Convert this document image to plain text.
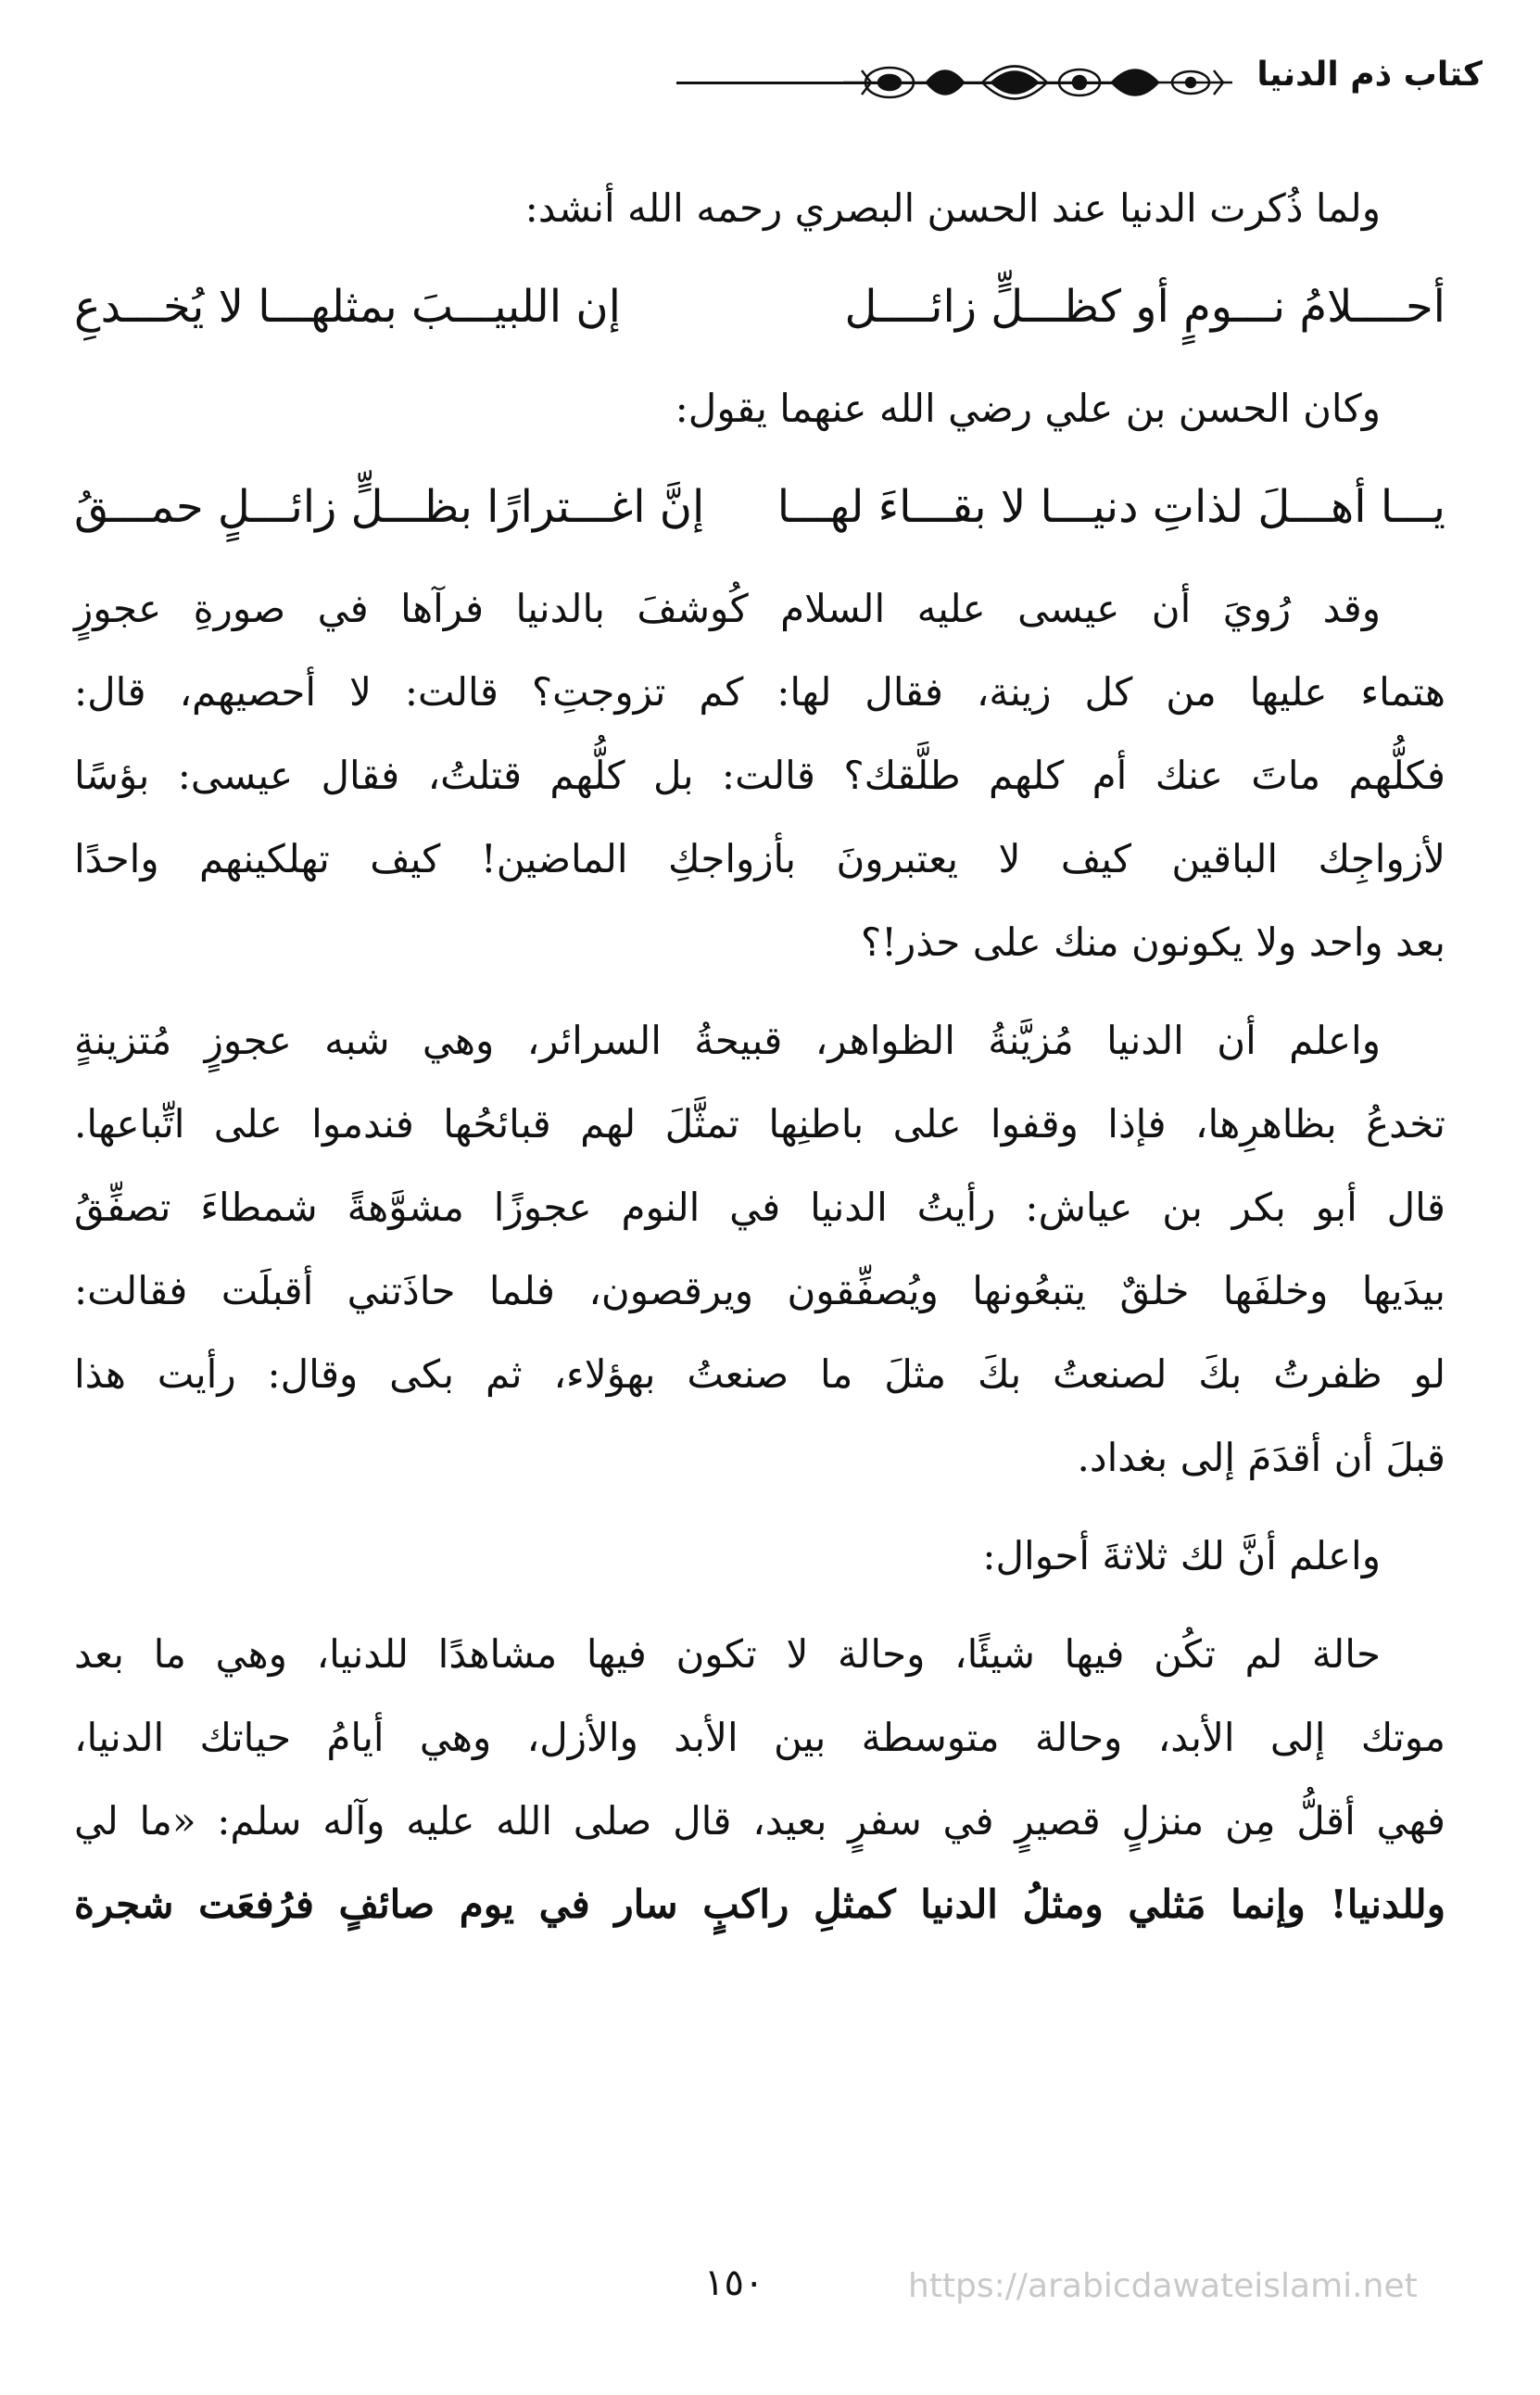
كتاب ذم الدنيا
ولما ذُكرت الدنيا عند الحسن البصري رحمه الله أنشد:
أحــــلامُ نـــومٍ أو كظـــلٍّ زائــــل
إن اللبيـــبَ بمثلهـــا لا يُخـــدعِ
وكان الحسن بن علي رضي الله عنهما يقول:
يـــا أهـــلَ لذاتِ دنيـــا لا بقـــاءَ لهـــا
إنَّ اغـــترارًا بظـــلٍّ زائـــلٍ حمـــقُ
وقد رُويَ أن عيسى عليه السلام كُوشفَ بالدنيا فرآها في صورةِ عجوزٍ
هتماء عليها من كل زينة، فقال لها: كم تزوجتِ؟ قالت: لا أحصيهم، قال:
فكلُّهم ماتَ عنك أم كلهم طلَّقك؟ قالت: بل كلُّهم قتلتُ، فقال عيسى: بؤسًا
لأزواجِك الباقين كيف لا يعتبرونَ بأزواجكِ الماضين! كيف تهلكينهم واحدًا
بعد واحد ولا يكونون منك على حذر!؟
واعلم أن الدنيا مُزيَّنةُ الظواهر، قبيحةُ السرائر، وهي شبه عجوزٍ مُتزينةٍ
تخدعُ بظاهرِها، فإذا وقفوا على باطنِها تمثَّلَ لهم قبائحُها فندموا على اتِّباعها.
قال أبو بكر بن عياش: رأيتُ الدنيا في النوم عجوزًا مشوَّهةً شمطاءَ تصفِّقُ
بيدَيها وخلفَها خلقٌ يتبعُونها ويُصفِّقون ويرقصون، فلما حاذَتني أقبلَت فقالت:
لو ظفرتُ بكَ لصنعتُ بكَ مثلَ ما صنعتُ بهؤلاء، ثم بكى وقال: رأيت هذا
قبلَ أن أقدَمَ إلى بغداد.
واعلم أنَّ لك ثلاثةَ أحوال:
حالة لم تكُن فيها شيئًا، وحالة لا تكون فيها مشاهدًا للدنيا، وهي ما بعد
موتك إلى الأبد، وحالة متوسطة بين الأبد والأزل، وهي أيامُ حياتك الدنيا،
فهي أقلُّ مِن منزلٍ قصيرٍ في سفرٍ بعيد، قال صلى الله عليه وآله سلم: «ما لي
وللدنيا! وإنما مَثلي ومثلُ الدنيا كمثلِ راكبٍ سار في يوم صائفٍ فرُفعَت شجرة
١٥٠	https://arabicdawateislami.net
